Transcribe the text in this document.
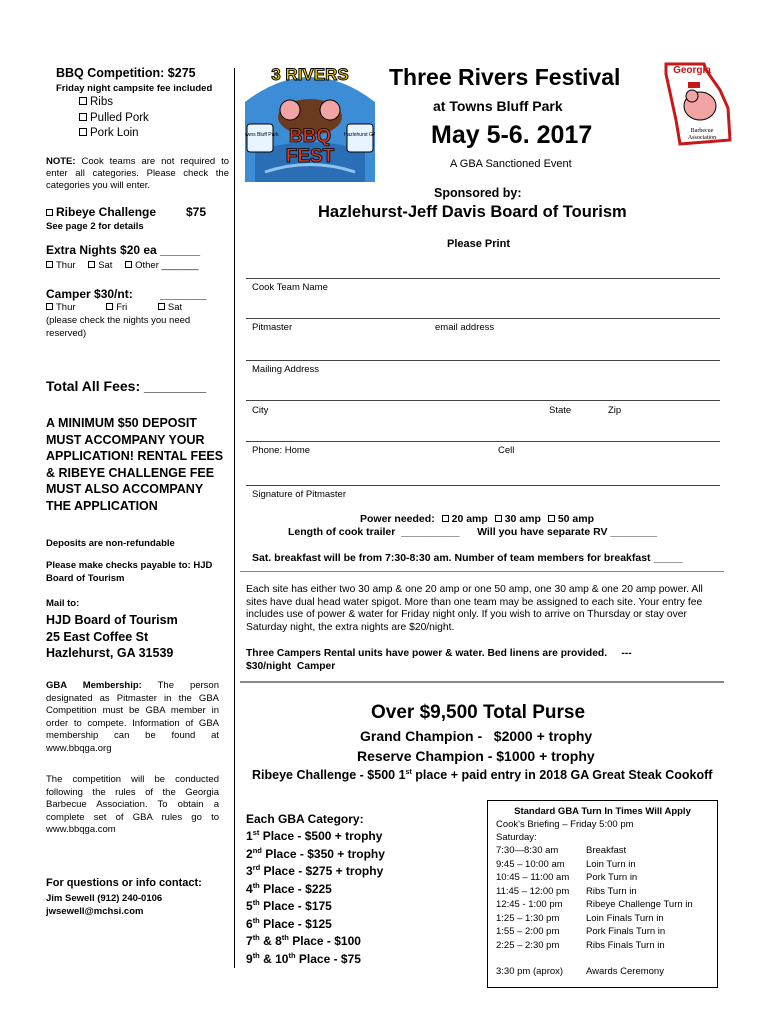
BBQ Competition: $275
Friday night campsite fee included
Ribs
Pulled Pork
Pork Loin
NOTE: Cook teams are not required to enter all categories. Please check the categories you will enter.
Ribeye Challenge $75
See page 2 for details
Extra Nights $20 ea ______
Thur Sat Other _______
Camper $30/nt: _______
Thur	Fri	Sat
(please check the nights you need reserved)
Total All Fees: ________
A MINIMUM $50 DEPOSIT MUST ACCOMPANY YOUR APPLICATION! RENTAL FEES & RIBEYE CHALLENGE FEE MUST ALSO ACCOMPANY THE APPLICATION
Deposits are non-refundable
Please make checks payable to: HJD Board of Tourism
Mail to:
HJD Board of Tourism
25 East Coffee St
Hazlehurst, GA 31539
GBA Membership: The person designated as Pitmaster in the GBA Competition must be GBA member in order to compete. Information of GBA membership can be found at www.bbqga.org
The competition will be conducted following the rules of the Georgia Barbecue Association. To obtain a complete set of GBA rules go to www.bbqga.com
For questions or info contact:
Jim Sewell (912) 240-0106
jwsewell@mchsi.com
3 RIVERS
BBQ
FEST
Towns Bluff Park	Hazlehurst GA
Three Rivers Festival
at Towns Bluff Park
May 5-6. 2017
A GBA Sanctioned Event
Georgia
Barbecue
Association
Sponsored by:
Hazlehurst-Jeff Davis Board of Tourism
Please Print
Cook Team Name
Pitmaster	email address
Mailing Address
City	State	Zip
Phone: Home	Cell
Signature of Pitmaster
Power needed: 20 amp 30 amp 50 amp
Length of cook trailer  __________      Will you have separate RV ________
Sat. breakfast will be from 7:30-8:30 am. Number of team members for breakfast _____
Each site has either two 30 amp & one 20 amp or one 50 amp, one 30 amp & one 20 amp power. All sites have dual head water spigot. More than one team may be assigned to each site. Your entry fee includes use of power & water for Friday night only. If you wish to arrive on Thursday or stay over Saturday night, the extra nights are $20/night.
Three Campers Rental units have power & water. Bed linens are provided.     ---  $30/night  Camper
Over $9,500 Total Purse
Grand Champion -   $2000 + trophy
Reserve Champion - $1000 + trophy
Ribeye Challenge - $500 1st place + paid entry in 2018 GA Great Steak Cookoff
Each GBA Category:
1st Place - $500 + trophy
2nd Place - $350 + trophy
3rd Place - $275 + trophy
4th Place - $225
5th Place - $175
6th Place - $125
7th & 8th Place - $100
9th & 10th Place - $75
Standard GBA Turn In Times Will Apply
Cook's Briefing – Friday 5:00 pm
Saturday:
7:30—8:30 am	Breakfast
9:45 – 10:00 am Loin Turn in
10:45 – 11:00 am Pork Turn in
11:45 – 12:00 pm Ribs Turn in
12:45 - 1:00 pm Ribeye Challenge Turn in
1:25 – 1:30 pm	Loin Finals Turn in
1:55 – 2:00 pm	Pork Finals Turn in
2:25 – 2:30 pm	Ribs Finals Turn in
3:30 pm (aprox) Awards Ceremony
